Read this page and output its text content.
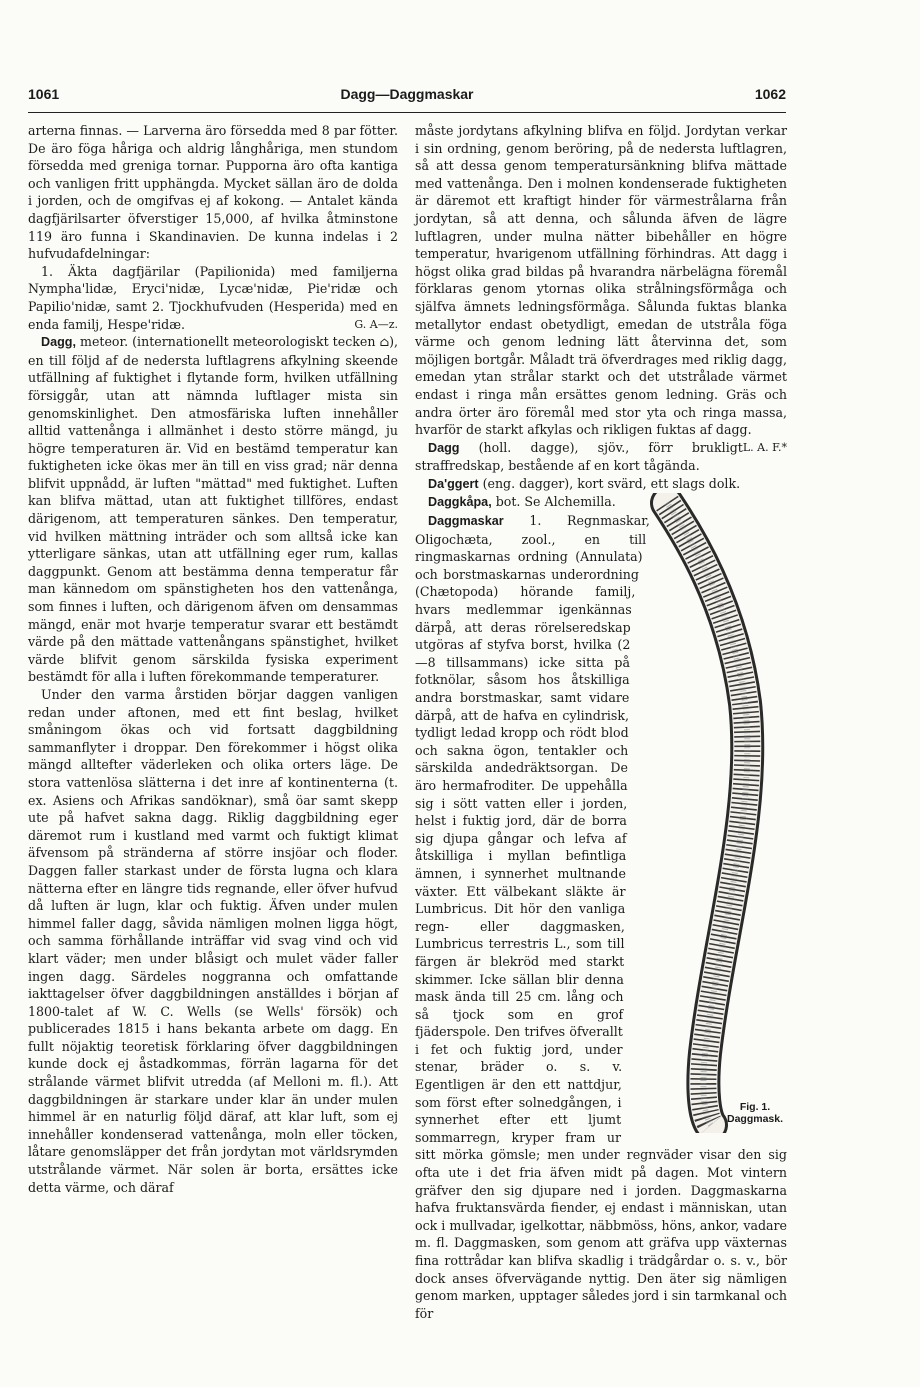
1061	Dagg—Daggmaskar	1062

arterna finnas. — Larverna äro försedda med 8 par fötter. De äro föga håriga och aldrig långhåriga, men stundom försedda med greniga tornar. Pupporna äro ofta kantiga och vanligen fritt upphängda. Mycket sällan äro de dolda i jorden, och de omgifvas ej af kokong. — Antalet kända dagfjärilsarter öfverstiger 15,000, af hvilka åtminstone 119 äro funna i Skandinavien. De kunna indelas i 2 hufvudafdelningar:

1. Äkta dagfjärilar (Papilionida) med familjerna Nympha'lidæ, Eryci'nidæ, Lycæ'nidæ, Pie'ridæ och Papilio'nidæ, samt 2. Tjockhufvuden (Hesperida) med en enda familj, Hespe'ridæ.	G. A—z.

Dagg, meteor. (internationellt meteorologiskt tecken ⌂), en till följd af de nedersta luftlagrens afkylning skeende utfällning af fuktighet i flytande form, hvilken utfällning försiggår, utan att nämnda luftlager mista sin genomskinlighet. Den atmosfäriska luften innehåller alltid vattenånga i allmänhet i desto större mängd, ju högre temperaturen är. Vid en bestämd temperatur kan fuktigheten icke ökas mer än till en viss grad; när denna blifvit uppnådd, är luften "mättad" med fuktighet. Luften kan blifva mättad, utan att fuktighet tillföres, endast därigenom, att temperaturen sänkes. Den temperatur, vid hvilken mättning inträder och som alltså icke kan ytterligare sänkas, utan att utfällning eger rum, kallas daggpunkt. Genom att bestämma denna temperatur får man kännedom om spänstigheten hos den vattenånga, som finnes i luften, och därigenom äfven om densammas mängd, enär mot hvarje temperatur svarar ett bestämdt värde på den mättade vattenångans spänstighet, hvilket värde blifvit genom särskilda fysiska experiment bestämdt för alla i luften förekommande temperaturer.

Under den varma årstiden börjar daggen vanligen redan under aftonen, med ett fint beslag, hvilket småningom ökas och vid fortsatt daggbildning sammanflyter i droppar. Den förekommer i högst olika mängd alltefter väderleken och olika orters läge. De stora vattenlösa slätterna i det inre af kontinenterna (t. ex. Asiens och Afrikas sandöknar), små öar samt skepp ute på hafvet sakna dagg. Riklig daggbildning eger däremot rum i kustland med varmt och fuktigt klimat äfvensom på stränderna af större insjöar och floder. Daggen faller starkast under de första lugna och klara nätterna efter en längre tids regnande, eller öfver hufvud då luften är lugn, klar och fuktig. Äfven under mulen himmel faller dagg, såvida nämligen molnen ligga högt, och samma förhållande inträffar vid svag vind och vid klart väder; men under blåsigt och mulet väder faller ingen dagg. Särdeles noggranna och omfattande iakttagelser öfver daggbildningen anställdes i början af 1800-talet af W. C. Wells (se Wells' försök) och publicerades 1815 i hans bekanta arbete om dagg. En fullt nöjaktig teoretisk förklaring öfver daggbildningen kunde dock ej åstadkommas, förrän lagarna för det strålande värmet blifvit utredda (af Melloni m. fl.). Att daggbildningen är starkare under klar än under mulen himmel är en naturlig följd däraf, att klar luft, som ej innehåller kondenserad vattenånga, moln eller töcken, låtare genomsläpper det från jordytan mot världsrymden utstrålande värmet. När solen är borta, ersättes icke detta värme, och däraf

måste jordytans afkylning blifva en följd. Jordytan verkar i sin ordning, genom beröring, på de nedersta luftlagren, så att dessa genom temperatursänkning blifva mättade med vattenånga. Den i molnen kondenserade fuktigheten är däremot ett kraftigt hinder för värmestrålarna från jordytan, så att denna, och sålunda äfven de lägre luftlagren, under mulna nätter bibehåller en högre temperatur, hvarigenom utfällning förhindras. Att dagg i högst olika grad bildas på hvarandra närbelägna föremål förklaras genom ytornas olika strålningsförmåga och själfva ämnets ledningsförmåga. Sålunda fuktas blanka metallytor endast obetydligt, emedan de utstråla föga värme och genom ledning lätt återvinna det, som möjligen bortgår. Måladt trä öfverdrages med riklig dagg, emedan ytan strålar starkt och det utstrålade värmet endast i ringa mån ersättes genom ledning. Gräs och andra örter äro föremål med stor yta och ringa massa, hvarför de starkt afkylas och rikligen fuktas af dagg.
L. A. F.*

Dagg (holl. dagge), sjöv., förr brukligt straffredskap, bestående af en kort tågända.

Da'ggert (eng. dagger), kort svärd, ett slags dolk.

Fig. 1.
Daggmask.

Daggkåpa, bot. Se Alchemilla.

Daggmaskar 1. Regnmaskar, Oligochæta, zool., en till ringmaskarnas ordning (Annulata) och borstmaskarnas underordning (Chætopoda) hörande familj, hvars medlemmar igenkännas därpå, att deras rörelseredskap utgöras af styfva borst, hvilka (2—8 tillsammans) icke sitta på fotknölar, såsom hos åtskilliga andra borstmaskar, samt vidare därpå, att de hafva en cylindrisk, tydligt ledad kropp och rödt blod och sakna ögon, tentakler och särskilda andedräktsorgan. De äro hermafroditer. De uppehålla sig i sött vatten eller i jorden, helst i fuktig jord, där de borra sig djupa gångar och lefva af åtskilliga i myllan befintliga ämnen, i synnerhet multnande växter. Ett välbekant släkte är Lumbricus. Dit hör den vanliga regn- eller daggmasken, Lumbricus terrestris L., som till färgen är blekröd med starkt skimmer. Icke sällan blir denna mask ända till 25 cm. lång och så tjock som en grof fjäderspole. Den trifves öfverallt i fet och fuktig jord, under stenar, bräder o. s. v. Egentligen är den ett nattdjur, som först efter solnedgången, i synnerhet efter ett ljumt sommarregn, kryper fram ur sitt mörka gömsle; men under regnväder visar den sig ofta ute i det fria äfven midt på dagen. Mot vintern gräfver den sig djupare ned i jorden. Daggmaskarna hafva fruktansvärda fiender, ej endast i människan, utan ock i mullvadar, igelkottar, näbbmöss, höns, ankor, vadare m. fl. Daggmasken, som genom att gräfva upp växternas fina rottrådar kan blifva skadlig i trädgårdar o. s. v., bör dock anses öfvervägande nyttig. Den äter sig nämligen genom marken, upptager således jord i sin tarmkanal och för
